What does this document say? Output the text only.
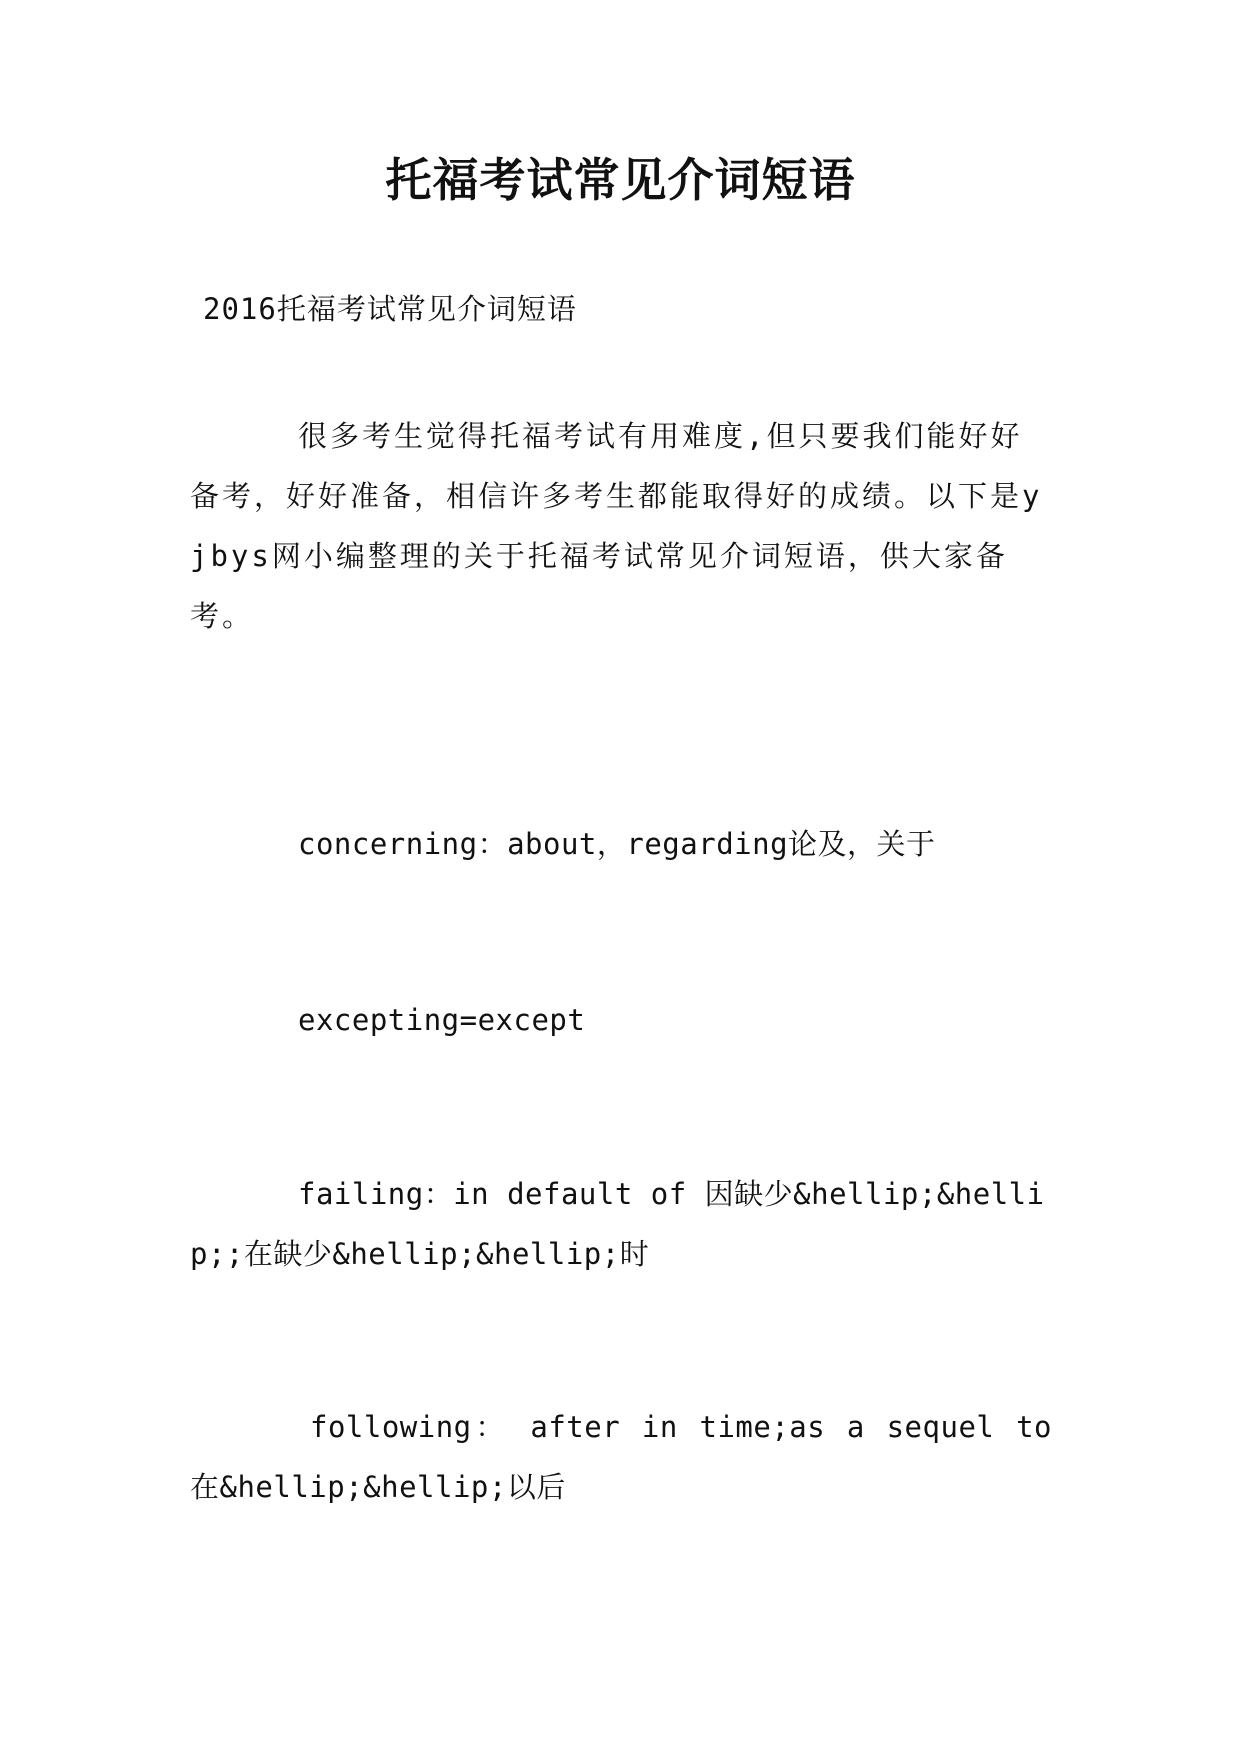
托福考试常见介词短语

2016托福考试常见介词短语

很多考生觉得托福考试有用难度,但只要我们能好好备考，好好准备，相信许多考生都能取得好的成绩。以下是yjbys网小编整理的关于托福考试常见介词短语，供大家备考。

concerning：about，regarding论及，关于

excepting=except

failing：in default of 因缺少&hellip;&hellip;;在缺少&hellip;&hellip;时

following： after in time;as a sequel to 在&hellip;&hellip;以后
